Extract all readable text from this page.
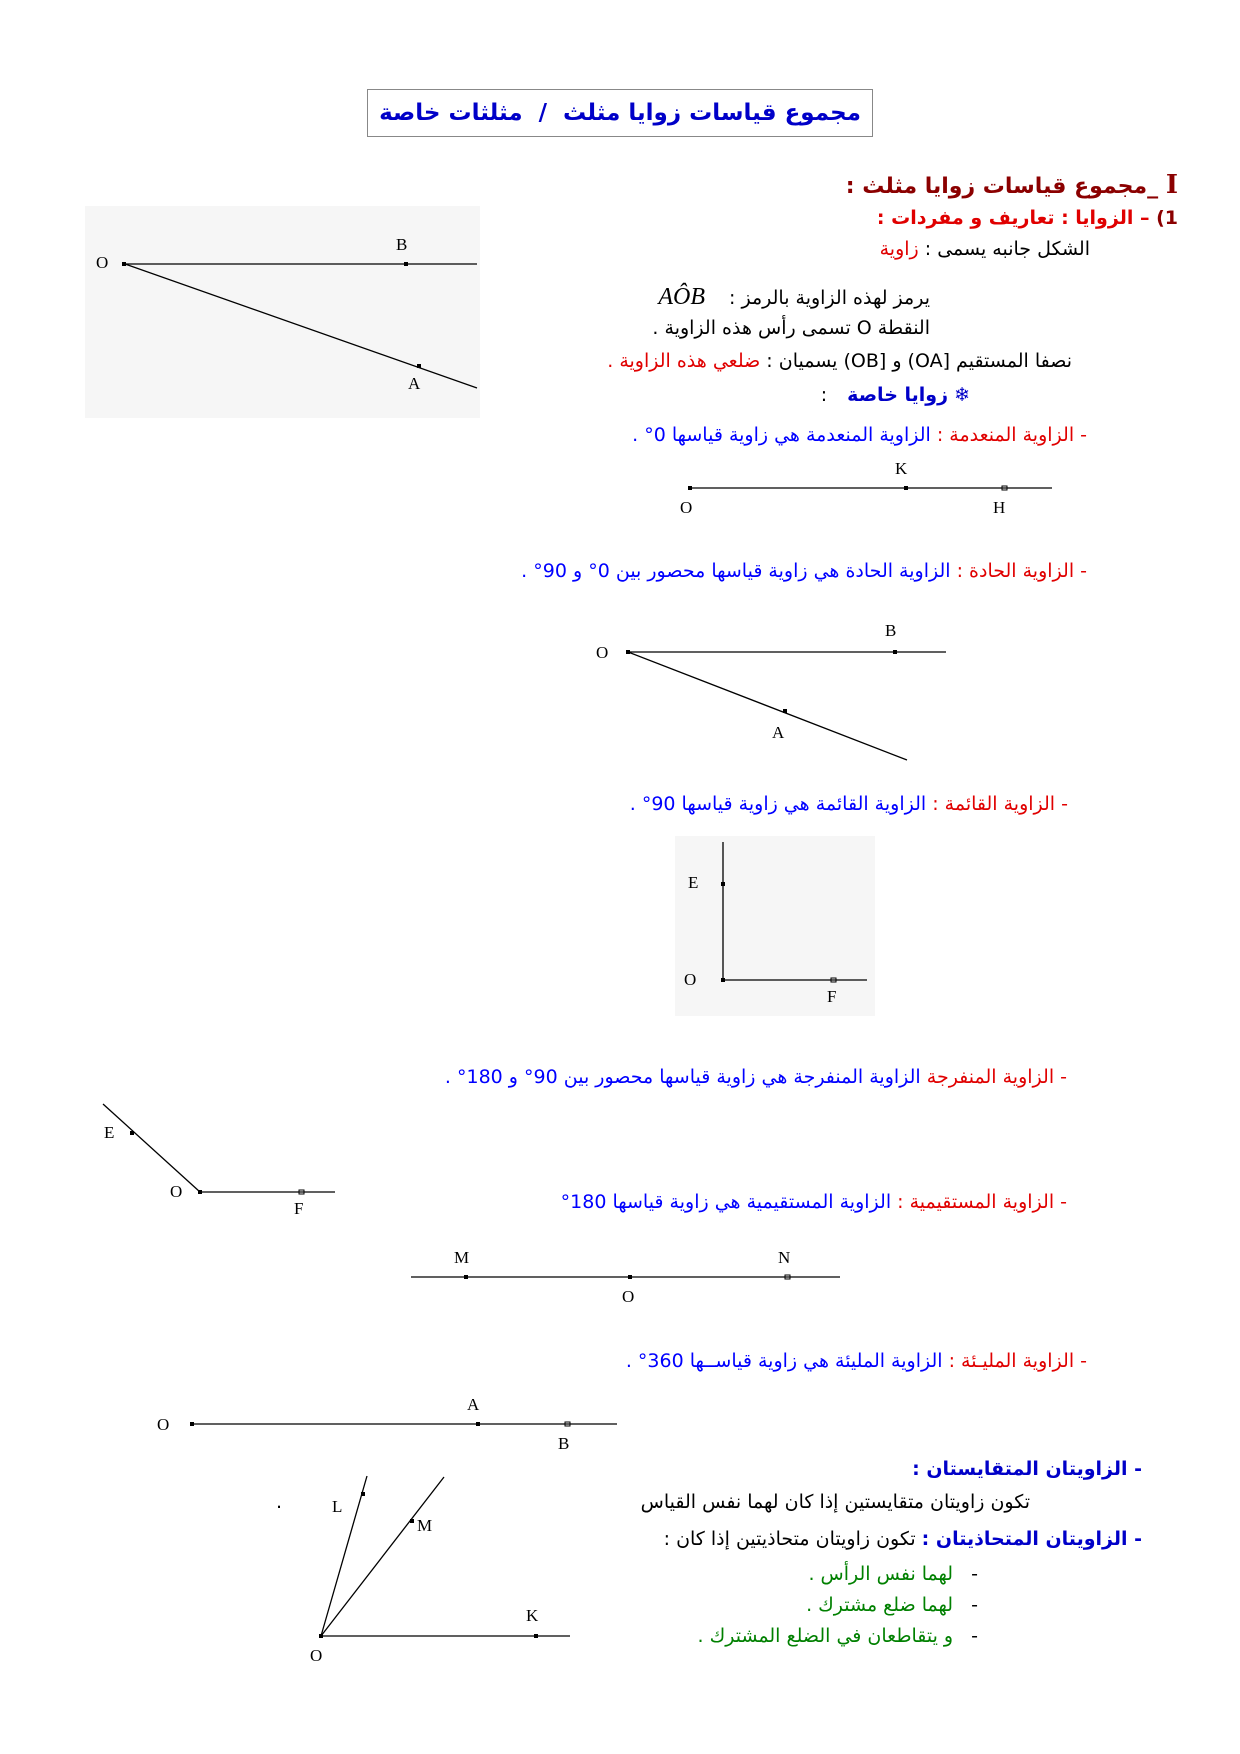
مجموع قياسات زوايا مثلث
/
مثلثات خاصة
I _مجموع قياسات زوايا مثلث :
1) – الزوايا : تعاريف و مفردات :
الشكل جانبه يسمى : زاوية
يرمز لهذه الزاوية بالرمز : AÔB
النقطة O تسمى رأس هذه الزاوية .
نصفا المستقيم [OA) و [OB) يسميان : ضلعي هذه الزاوية .
❄ زوايا خاصة :
- الزاوية المنعدمة : الزاوية المنعدمة هي زاوية قياسها 0° .
- الزاوية الحادة : الزاوية الحادة هي زاوية قياسها محصور بين 0° و 90° .
- الزاوية القائمة : الزاوية القائمة هي زاوية قياسها 90° .
- الزاوية المنفرجة الزاوية المنفرجة هي زاوية قياسها محصور بين 90° و 180° .
- الزاوية المستقيمية : الزاوية المستقيمية هي زاوية قياسها 180°
- الزاوية المليـئة : الزاوية المليئة هي زاوية قياســها 360° .
- الزاويتان المتقايستان :
تكون زاويتان متقايستين إذا كان لهما نفس القياس
.
- الزاويتان المتحاذيتان : تكون زاويتان متحاذيتين إذا كان :
- لهما نفس الرأس .
- لهما ضلع مشترك .
- و يتقاطعان في الضلع المشترك .
O
B
A
O
K
H
O
B
A
E
O
F
E
O
F
M	N
O
O
A
B
L
M
K
O
